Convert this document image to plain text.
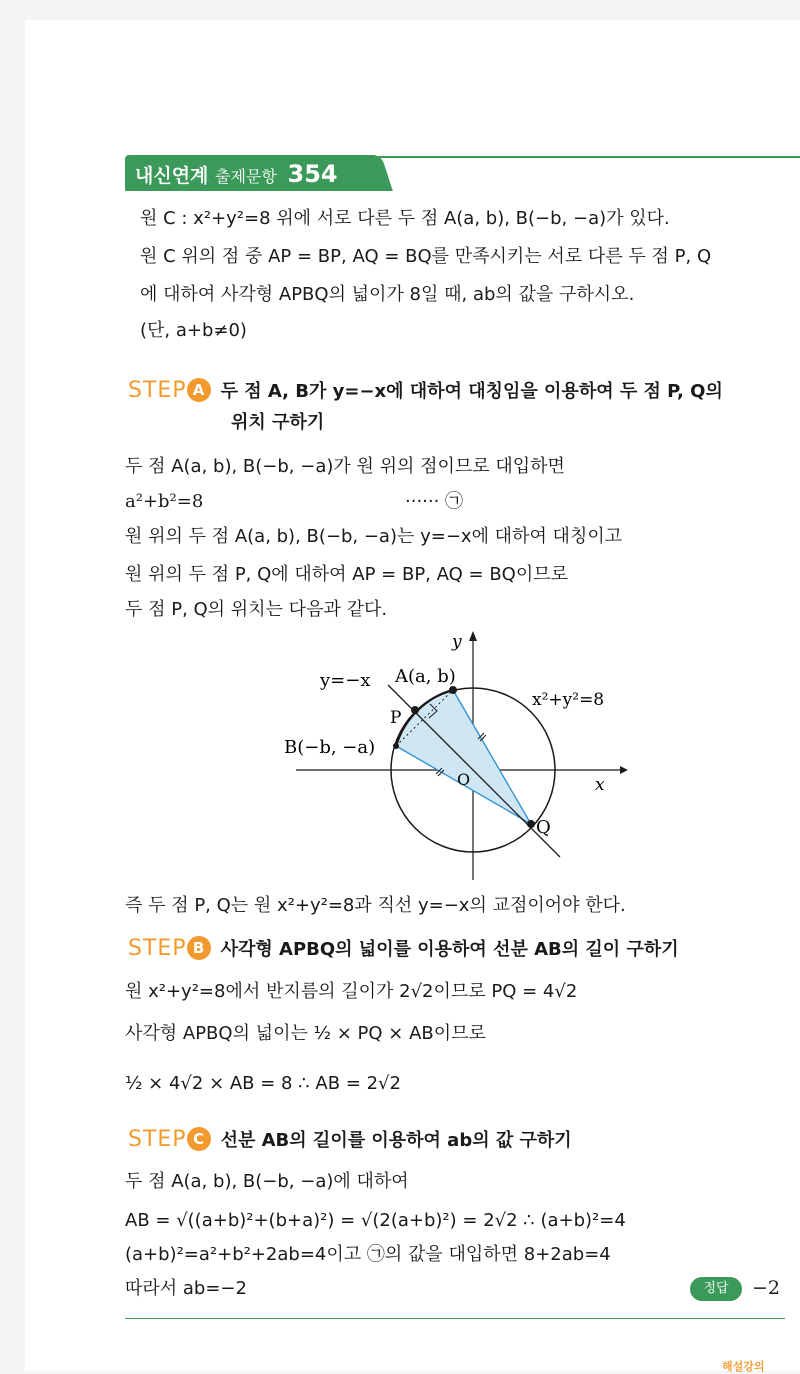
내신연계 출제문항 354
원 C : x²+y²=8 위에 서로 다른 두 점 A(a, b), B(−b, −a)가 있다.
원 C 위의 점 중 AP = BP, AQ = BQ를 만족시키는 서로 다른 두 점 P, Q
에 대하여 사각형 APBQ의 넓이가 8일 때, ab의 값을 구하시오.
(단, a+b≠0)
STEP A 두 점 A, B가 y=−x에 대하여 대칭임을 이용하여 두 점 P, Q의
위치 구하기
두 점 A(a, b), B(−b, −a)가 원 위의 점이므로 대입하면
a²+b²=8	······ ㉠
원 위의 두 점 A(a, b), B(−b, −a)는 y=−x에 대하여 대칭이고
원 위의 두 점 P, Q에 대하여 AP = BP, AQ = BQ이므로
두 점 P, Q의 위치는 다음과 같다.
y
x
O
y=−x A(a, b)
x²+y²=8
P
B(−b, −a)
Q
즉 두 점 P, Q는 원 x²+y²=8과 직선 y=−x의 교점이어야 한다.
STEP B 사각형 APBQ의 넓이를 이용하여 선분 AB의 길이 구하기
원 x²+y²=8에서 반지름의 길이가 2√2이므로 PQ = 4√2
사각형 APBQ의 넓이는 ½ × PQ × AB이므로
½ × 4√2 × AB = 8 ∴ AB = 2√2
STEP C 선분 AB의 길이를 이용하여 ab의 값 구하기
두 점 A(a, b), B(−b, −a)에 대하여
AB = √((a+b)²+(b+a)²) = √(2(a+b)²) = 2√2 ∴ (a+b)²=4
(a+b)²=a²+b²+2ab=4이고 ㉠의 값을 대입하면 8+2ab=4
따라서 ab=−2	정답	−2
해설강의
